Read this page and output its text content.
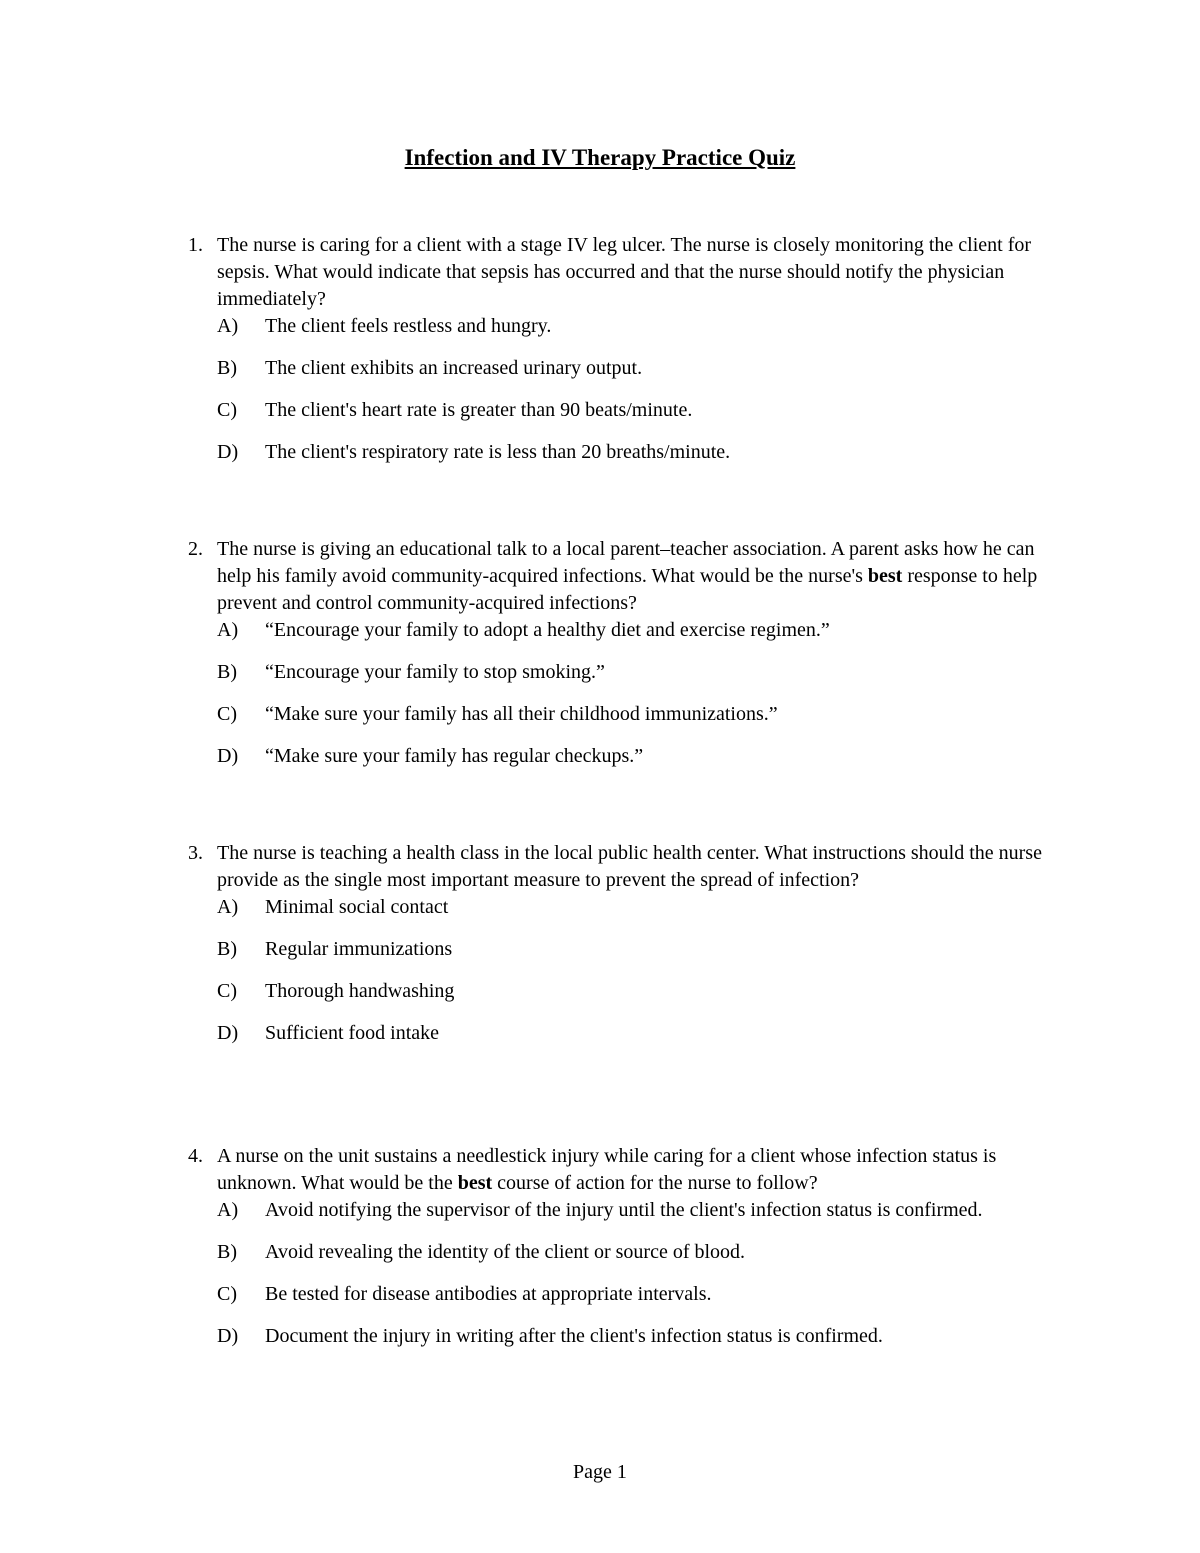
Infection and IV Therapy Practice Quiz
1. The nurse is caring for a client with a stage IV leg ulcer. The nurse is closely monitoring the client for sepsis. What would indicate that sepsis has occurred and that the nurse should notify the physician immediately?
A) The client feels restless and hungry.
B) The client exhibits an increased urinary output.
C) The client's heart rate is greater than 90 beats/minute.
D) The client's respiratory rate is less than 20 breaths/minute.
2. The nurse is giving an educational talk to a local parent–teacher association. A parent asks how he can help his family avoid community-acquired infections. What would be the nurse's best response to help prevent and control community-acquired infections?
A) “Encourage your family to adopt a healthy diet and exercise regimen.”
B) “Encourage your family to stop smoking.”
C) “Make sure your family has all their childhood immunizations.”
D) “Make sure your family has regular checkups.”
3. The nurse is teaching a health class in the local public health center. What instructions should the nurse provide as the single most important measure to prevent the spread of infection?
A) Minimal social contact
B) Regular immunizations
C) Thorough handwashing
D) Sufficient food intake
4. A nurse on the unit sustains a needlestick injury while caring for a client whose infection status is unknown. What would be the best course of action for the nurse to follow?
A) Avoid notifying the supervisor of the injury until the client's infection status is confirmed.
B) Avoid revealing the identity of the client or source of blood.
C) Be tested for disease antibodies at appropriate intervals.
D) Document the injury in writing after the client's infection status is confirmed.
Page 1
